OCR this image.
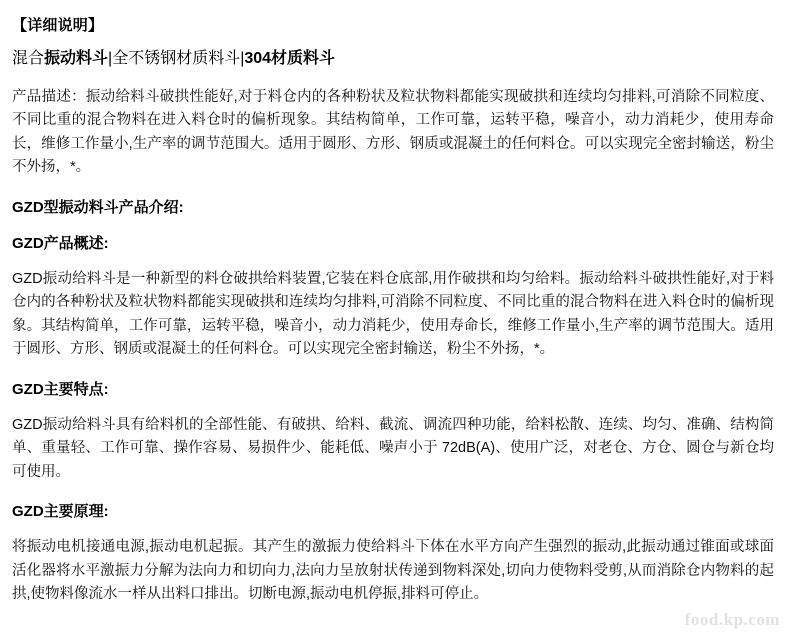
【详细说明】
混合振动料斗|全不锈钢材质料斗|304材质料斗
产品描述：振动给料斗破拱性能好,对于料仓内的各种粉状及粒状物料都能实现破拱和连续均匀排料,可消除不同粒度、不同比重的混合物料在进入料仓时的偏析现象。其结构简单，工作可靠，运转平稳，噪音小，动力消耗少，使用寿命长，维修工作量小,生产率的调节范围大。适用于圆形、方形、钢质或混凝土的任何料仓。可以实现完全密封输送，粉尘不外扬，*。
GZD型振动料斗产品介绍:
GZD产品概述:
GZD振动给料斗是一种新型的料仓破拱给料装置,它装在料仓底部,用作破拱和均匀给料。振动给料斗破拱性能好,对于料仓内的各种粉状及粒状物料都能实现破拱和连续均匀排料,可消除不同粒度、不同比重的混合物料在进入料仓时的偏析现象。其结构简单，工作可靠，运转平稳，噪音小，动力消耗少，使用寿命长，维修工作量小,生产率的调节范围大。适用于圆形、方形、钢质或混凝土的任何料仓。可以实现完全密封输送，粉尘不外扬，*。
GZD主要特点:
GZD振动给料斗具有给料机的全部性能、有破拱、给料、截流、调流四种功能，给料松散、连续、均匀、准确、结构简单、重量轻、工作可靠、操作容易、易损件少、能耗低、噪声小于 72dB(A)、使用广泛，对老仓、方仓、圆仓与新仓均可使用。
GZD主要原理:
将振动电机接通电源,振动电机起振。其产生的激振力使给料斗下体在水平方向产生强烈的振动,此振动通过锥面或球面活化器将水平激振力分解为法向力和切向力,法向力呈放射状传递到物料深处,切向力使物料受剪,从而消除仓内物料的起拱,使物料像流水一样从出料口排出。切断电源,振动电机停振,排料可停止。
food.kp.com
